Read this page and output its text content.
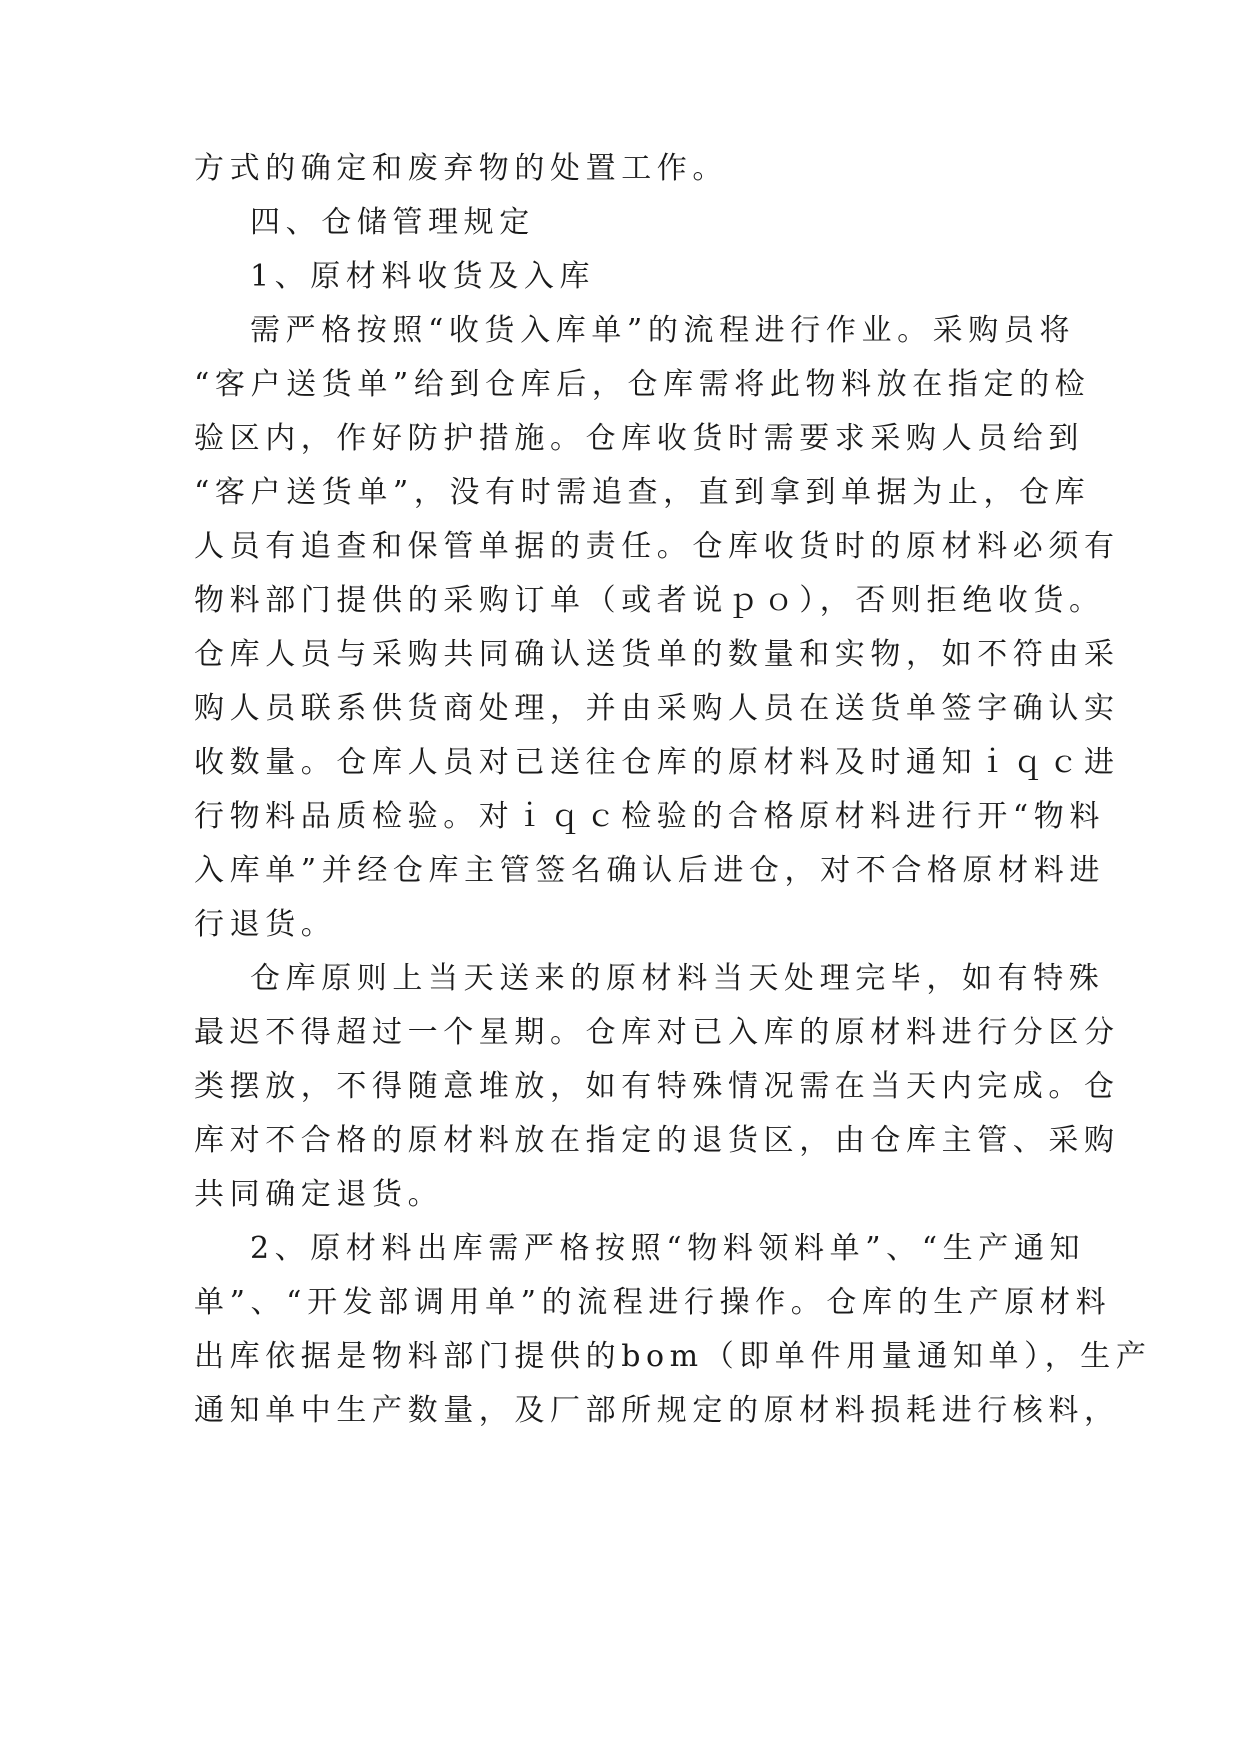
方式的确定和废弃物的处置工作。
四、仓储管理规定
1、原材料收货及入库
需严格按照“收货入库单”的流程进行作业。采购员将
“客户送货单”给到仓库后，仓库需将此物料放在指定的检
验区内，作好防护措施。仓库收货时需要求采购人员给到
“客户送货单”，没有时需追查，直到拿到单据为止，仓库
人员有追查和保管单据的责任。仓库收货时的原材料必须有
物料部门提供的采购订单（或者说ｐｏ），否则拒绝收货。
仓库人员与采购共同确认送货单的数量和实物，如不符由采
购人员联系供货商处理，并由采购人员在送货单签字确认实
收数量。仓库人员对已送往仓库的原材料及时通知ｉｑｃ进
行物料品质检验。对ｉｑｃ检验的合格原材料进行开“物料
入库单”并经仓库主管签名确认后进仓，对不合格原材料进
行退货。
仓库原则上当天送来的原材料当天处理完毕，如有特殊
最迟不得超过一个星期。仓库对已入库的原材料进行分区分
类摆放，不得随意堆放，如有特殊情况需在当天内完成。仓
库对不合格的原材料放在指定的退货区，由仓库主管、采购
共同确定退货。
2、原材料出库需严格按照“物料领料单”、“生产通知
单”、“开发部调用单”的流程进行操作。仓库的生产原材料
出库依据是物料部门提供的bom（即单件用量通知单），生产
通知单中生产数量，及厂部所规定的原材料损耗进行核料，
